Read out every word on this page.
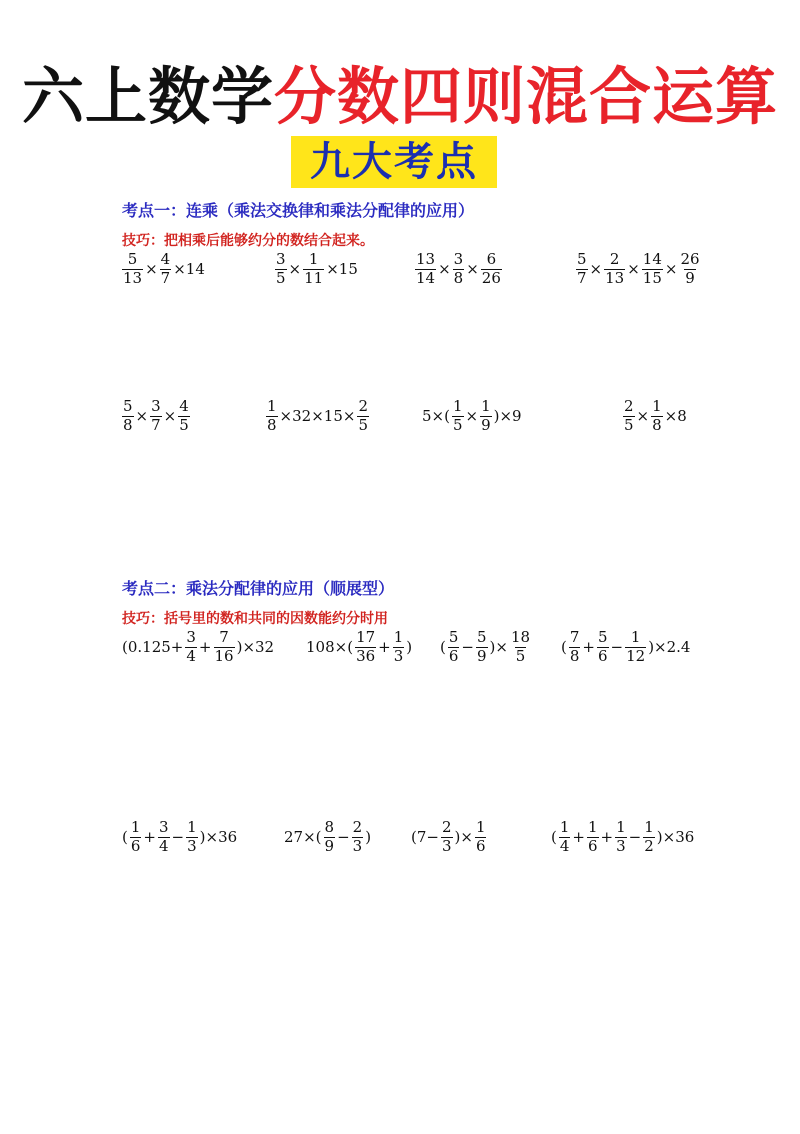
六上数学分数四则混合运算
九大考点
考点一：连乘（乘法交换律和乘法分配律的应用）
技巧：把相乘后能够约分的数结合起来。
$\frac{5}{13} \times \frac{4}{7} \times 14$	$\frac{3}{5} \times \frac{1}{11} \times 15$	$\frac{13}{14} \times \frac{3}{8} \times \frac{6}{26}$	$\frac{5}{7} \times \frac{2}{13} \times \frac{14}{15} \times \frac{26}{9}$
$\frac{5}{8} \times \frac{3}{7} \times \frac{4}{5}$	$\frac{1}{8} \times 32\times 15\times \frac{2}{5}$	$5\times( \frac{1}{5} \times \frac{1}{9} )\times 9$	$\frac{2}{5} \times \frac{1}{8} \times 8$
考点二：乘法分配律的应用（顺展型）
技巧：括号里的数和共同的因数能约分时用
$(0.125+ \frac{3}{4} + \frac{7}{16} )\times 32$ $108\times( \frac{17}{36} + \frac{1}{3}$ ) ( $\frac{5}{6} - \frac{5}{9}$ )× $\frac{18}{5}$ ( $\frac{7}{8} + \frac{5}{6} - \frac{1}{12} )\times 2.4$
( $\frac{1}{6} + \frac{3}{4} - \frac{1}{3} )\times 36$	$27\times( \frac{8}{9} - \frac{2}{3}$ )	($7- \frac{2}{3}$ )× $\frac{1}{6}$	( $\frac{1}{4} + \frac{1}{6} + \frac{1}{3} - \frac{1}{2} )\times 36$
